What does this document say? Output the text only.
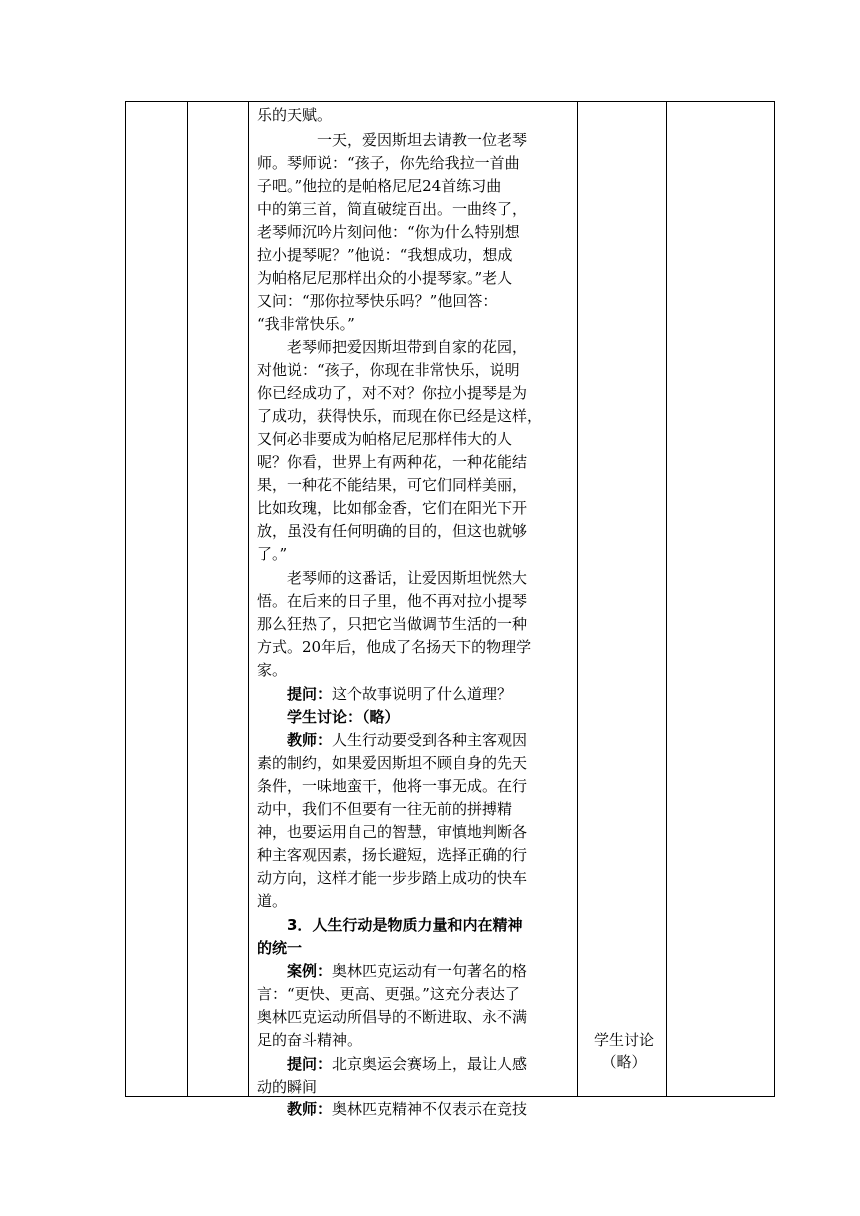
乐的天赋。
一天，爱因斯坦去请教一位老琴
师。琴师说：“孩子，你先给我拉一首曲
子吧。”他拉的是帕格尼尼24首练习曲
中的第三首，简直破绽百出。一曲终了，
老琴师沉吟片刻问他：“你为什么特别想
拉小提琴呢？”他说：“我想成功，想成
为帕格尼尼那样出众的小提琴家。”老人
又问：“那你拉琴快乐吗？”他回答：
“我非常快乐。”
老琴师把爱因斯坦带到自家的花园，
对他说：“孩子，你现在非常快乐，说明
你已经成功了，对不对？你拉小提琴是为
了成功，获得快乐，而现在你已经是这样，
又何必非要成为帕格尼尼那样伟大的人
呢？你看，世界上有两种花，一种花能结
果，一种花不能结果，可它们同样美丽，
比如玫瑰，比如郁金香，它们在阳光下开
放，虽没有任何明确的目的，但这也就够
了。”
老琴师的这番话，让爱因斯坦恍然大
悟。在后来的日子里，他不再对拉小提琴
那么狂热了，只把它当做调节生活的一种
方式。20年后，他成了名扬天下的物理学
家。
提问：这个故事说明了什么道理？
学生讨论：（略）
教师：人生行动要受到各种主客观因
素的制约，如果爱因斯坦不顾自身的先天
条件，一味地蛮干，他将一事无成。在行
动中，我们不但要有一往无前的拼搏精
神，也要运用自己的智慧，审慎地判断各
种主客观因素，扬长避短，选择正确的行
动方向，这样才能一步步踏上成功的快车
道。
3．人生行动是物质力量和内在精神
的统一
案例：奥林匹克运动有一句著名的格
言：“更快、更高、更强。”这充分表达了
奥林匹克运动所倡导的不断进取、永不满
足的奋斗精神。
提问：北京奥运会赛场上，最让人感
动的瞬间
学生讨论
（略）
教师：奥林匹克精神不仅表示在竞技
